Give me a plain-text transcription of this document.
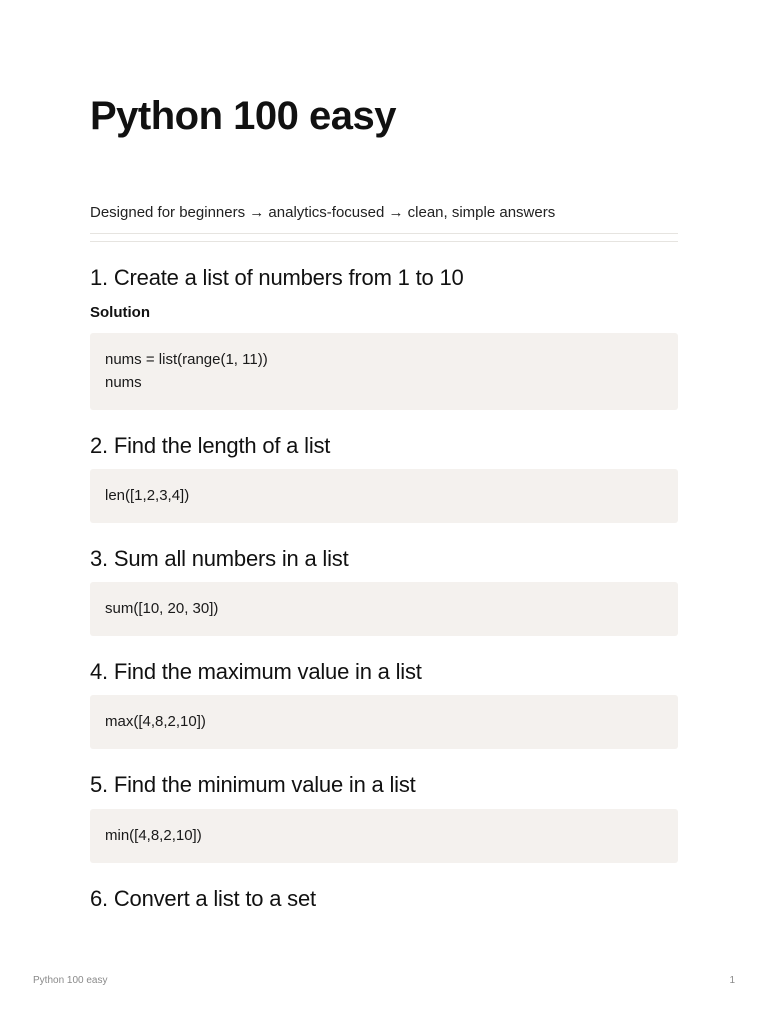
Python 100 easy

Designed for beginners → analytics-focused → clean, simple answers

1. Create a list of numbers from 1 to 10
Solution
nums = list(range(1, 11))
nums
2. Find the length of a list
len([1,2,3,4])
3. Sum all numbers in a list
sum([10, 20, 30])
4. Find the maximum value in a list
max([4,8,2,10])
5. Find the minimum value in a list
min([4,8,2,10])
6. Convert a list to a set
Python 100 easy	1
